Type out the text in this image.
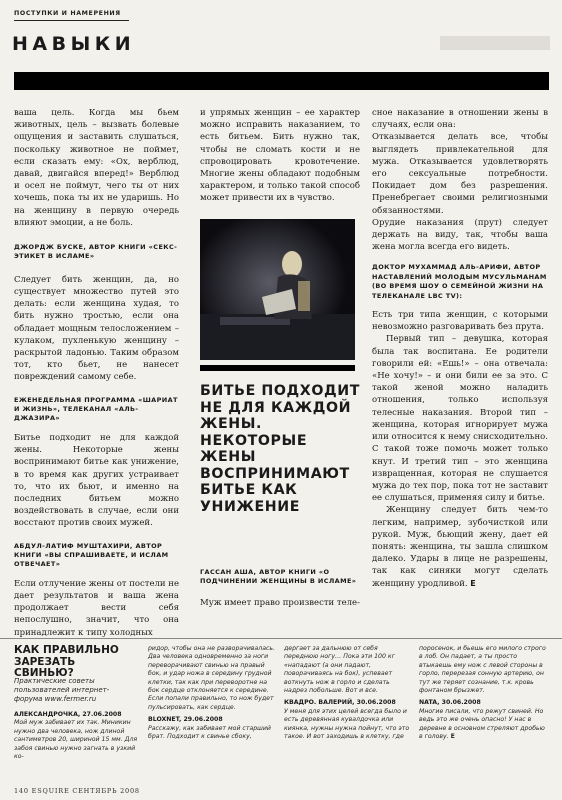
ПОСТУПКИ И НАМЕРЕНИЯ
НАВЫКИ
ваша цель. Когда мы бьем животных, цель – вызвать болевые ощущения и заставить слушаться, поскольку животное не поймет, если сказать ему: «Ох, верблюд, давай, двигайся вперед!» Верблюд и осел не поймут, чего ты от них хочешь, пока ты их не ударишь. Но на женщину в первую очередь влияют эмоции, а не боль.
ДЖОРДЖ БУСКЕ, АВТОР КНИГИ «СЕКС-ЭТИКЕТ В ИСЛАМЕ»
Следует бить женщин, да, но существует множество путей это делать: если женщина худая, то бить нужно тростью, если она обладает мощным телосложением – кулаком, пухленькую женщину – раскрытой ладонью. Таким образом тот, кто бьет, не нанесет повреждений самому себе.
ЕЖЕНЕДЕЛЬНАЯ ПРОГРАММА «ШАРИАТ И ЖИЗНЬ», ТЕЛЕКАНАЛ «АЛЬ-ДЖАЗИРА»
Битье подходит не для каждой жены. Некоторые жены воспринимают битье как унижение, в то время как других устраивает то, что их бьют, и именно на последних битьем можно воздействовать в случае, если они восстают против своих мужей.
АБДУЛ-ЛАТИФ МУШТАХИРИ, АВТОР КНИГИ «ВЫ СПРАШИВАЕТЕ, И ИСЛАМ ОТВЕЧАЕТ»
Если отлучение жены от постели не дает результатов и ваша жена продолжает вести себя непослушно, значит, что она принадлежит к типу холодных
и упрямых женщин – ее характер можно исправить наказанием, то есть битьем. Бить нужно так, чтобы не сломать кости и не спровоцировать кровотечение. Многие жены обладают подобным характером, и только такой способ может привести их в чувство.
БИТЬЕ ПОДХОДИТ НЕ ДЛЯ КАЖДОЙ ЖЕНЫ. НЕКОТОРЫЕ ЖЕНЫ ВОСПРИНИМАЮТ БИТЬЕ КАК УНИЖЕНИЕ
ГАССАН АША, АВТОР КНИГИ «О ПОДЧИНЕНИИ ЖЕНЩИНЫ В ИСЛАМЕ»
Муж имеет право произвести теле-
сное наказание в отношении жены в случаях, если она:
Отказывается делать все, чтобы выглядеть привлекательной для мужа. Отказывается удовлетворять его сексуальные потребности. Покидает дом без разрешения. Пренебрегает своими религиозными обязанностями.
Орудие наказания (прут) следует держать на виду, так, чтобы ваша жена могла всегда его видеть.
ДОКТОР МУХАММАД АЛЬ-АРИФИ, АВТОР НАСТАВЛЕНИЙ МОЛОДЫМ МУСУЛЬМАНАМ (ВО ВРЕМЯ ШОУ О СЕМЕЙНОЙ ЖИЗНИ НА ТЕЛЕКАНАЛЕ LBC TV):
Есть три типа женщин, с которыми невозможно разговаривать без прута.
Первый тип – девушка, которая была так воспитана. Ее родители говорили ей: «Ешь!» – она отвечала: «Не хочу!» – и они били ее за это. С такой женой можно наладить отношения, только используя телесные наказания. Второй тип – женщина, которая игнорирует мужа или относится к нему снисходительно. С такой тоже помочь может только кнут. И третий тип – это женщина извращенная, которая не слушается мужа до тех пор, пока тот не заставит ее слушаться, применяя силу и битье.
Женщину следует бить чем-то легким, например, зубочисткой или рукой. Муж, бьющий жену, дает ей понять: женщина, ты зашла слишком далеко. Удары в лице не разрешены, так как синяки могут сделать женщину уродливой. E
КАК ПРАВИЛЬНО ЗАРЕЗАТЬ СВИНЬЮ?
Практические советы пользователей интернет-форума www.fermer.ru
АЛЕКСАНДРОЧКА, 27.06.2008
Мой муж забивает их так. Миникин нужно два человека, нож длиной сантиметров 20, шириной 15 мм. Для забоя свинью нужно загнать в узкий ко-
ридор, чтобы она не разворачивалась. Два человека одновременно за ноги переворачивают свинью на правый бок, и удар ножа в середину грудной клетки, так как при переворотне на бок сердце отклоняется к середине. Если попали правильно, то нож будет пульсировать, как сердце.
BLOXNET, 29.06.2008
Расскажу, как забивает мой старший брат. Подходит к свинье сбоку,
дергает за дальнюю от себя переднюю ногу… Пока эти 100 кг «нападают (а они падают, поворачиваясь на бок), успевает воткнуть нож в горло и сделать надрез побольше. Вот и все.
КВАДРО. ВАЛЕРИЙ, 30.06.2008
У меня для этих целей всегда было и есть деревянная кувалдочка или киянка, нужны нужна пойнут, что это такое. И вот заходишь в клетку, где
поросенок, и бьешь его милого строго в лоб. Он падает, а ты просто втыкаешь ему нож с левой стороны в горло, перерезая сонную артерию, он тут же теряет сознание, т.к. кровь фонтаном брызжет.
NATA, 30.06.2008
Многие писали, что режут свиней. Но ведь это же очень опасно! У нас в деревне в основном стреляют дробью в голову. E
140 ESQUIRE СЕНТЯБРЬ 2008
